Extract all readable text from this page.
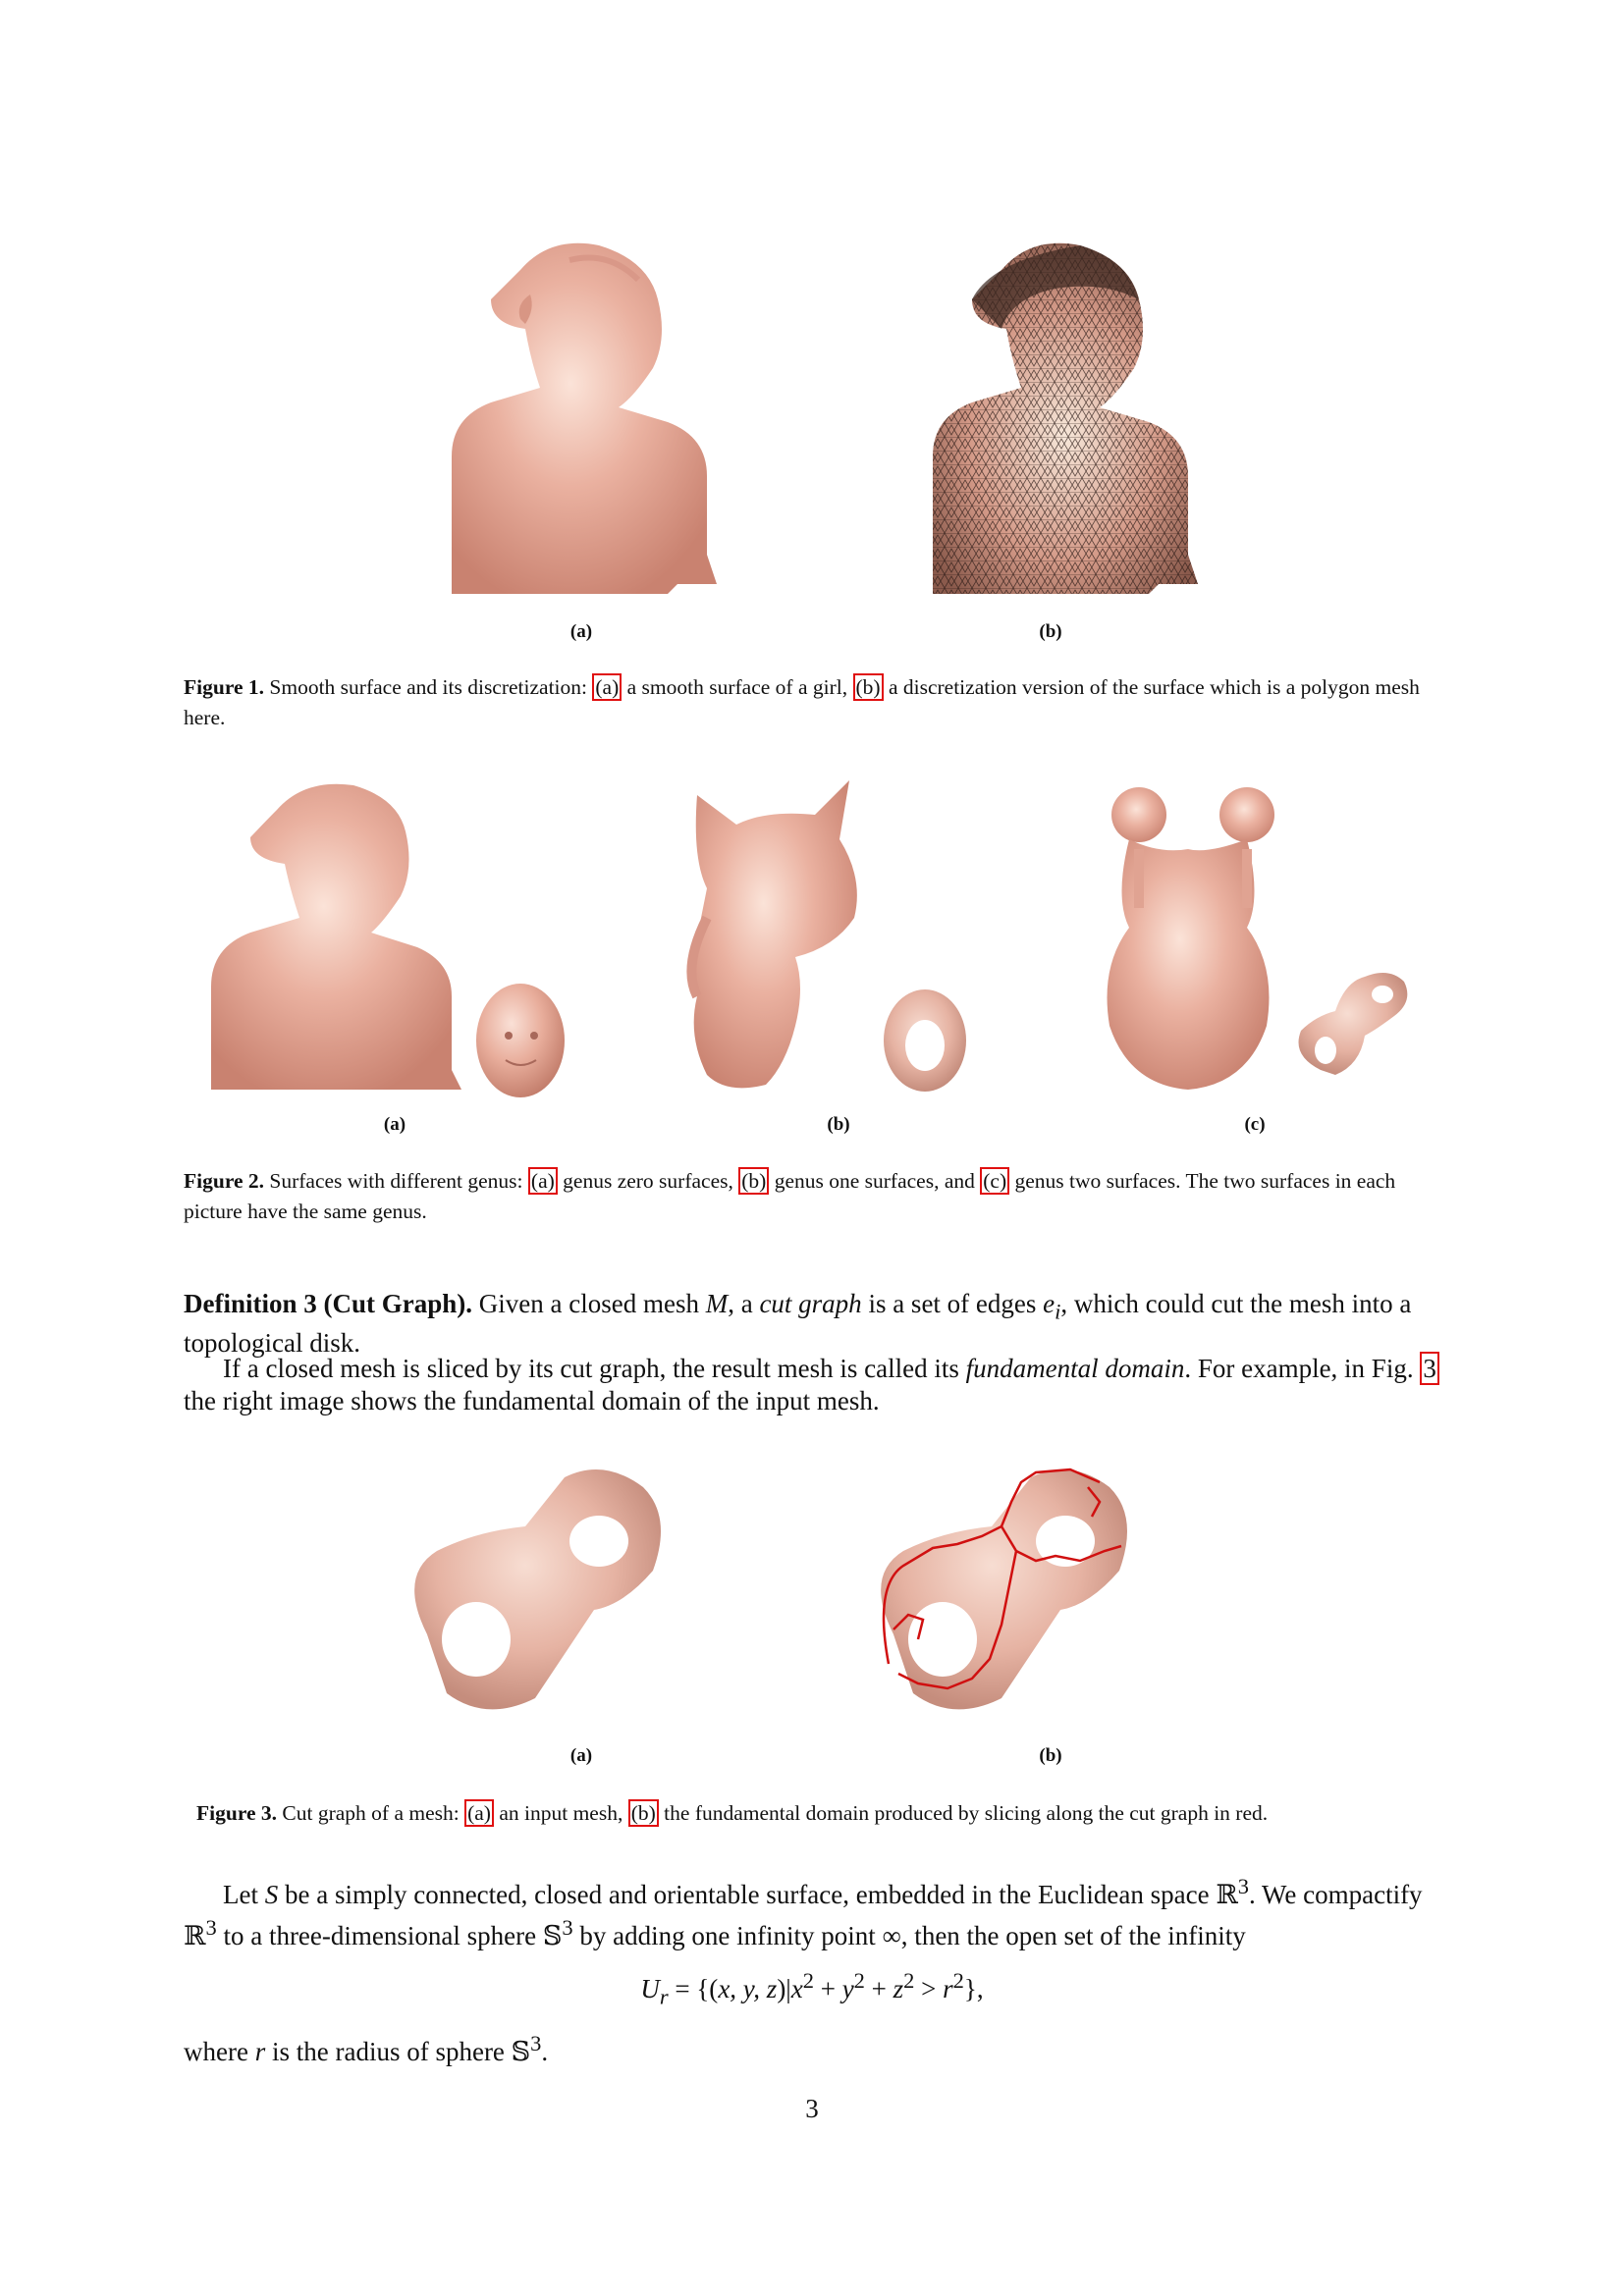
(a)	(b)
Figure 1. Smooth surface and its discretization: (a) a smooth surface of a girl, (b) a discretization version of the surface which is a polygon mesh here.
(a)	(b)	(c)
Figure 2. Surfaces with different genus: (a) genus zero surfaces, (b) genus one surfaces, and (c) genus two surfaces. The two surfaces in each picture have the same genus.
Definition 3 (Cut Graph). Given a closed mesh M, a cut graph is a set of edges $e_i$, which could cut the mesh into a topological disk.
If a closed mesh is sliced by its cut graph, the result mesh is called its fundamental domain. For example, in Fig. 3 the right image shows the fundamental domain of the input mesh.
(a)	(b)
Figure 3. Cut graph of a mesh: (a) an input mesh, (b) the fundamental domain produced by slicing along the cut graph in red.
Let S be a simply connected, closed and orientable surface, embedded in the Euclidean space ℝ$^3$. We compactify ℝ$^3$ to a three-dimensional sphere 𝕊$^3$ by adding one infinity point ∞, then the open set of the infinity
$U_r = \{(x$, y, $z)|x^2 + y^2 + z^2 > r^2$},
where r is the radius of sphere 𝕊$^3$.
3
